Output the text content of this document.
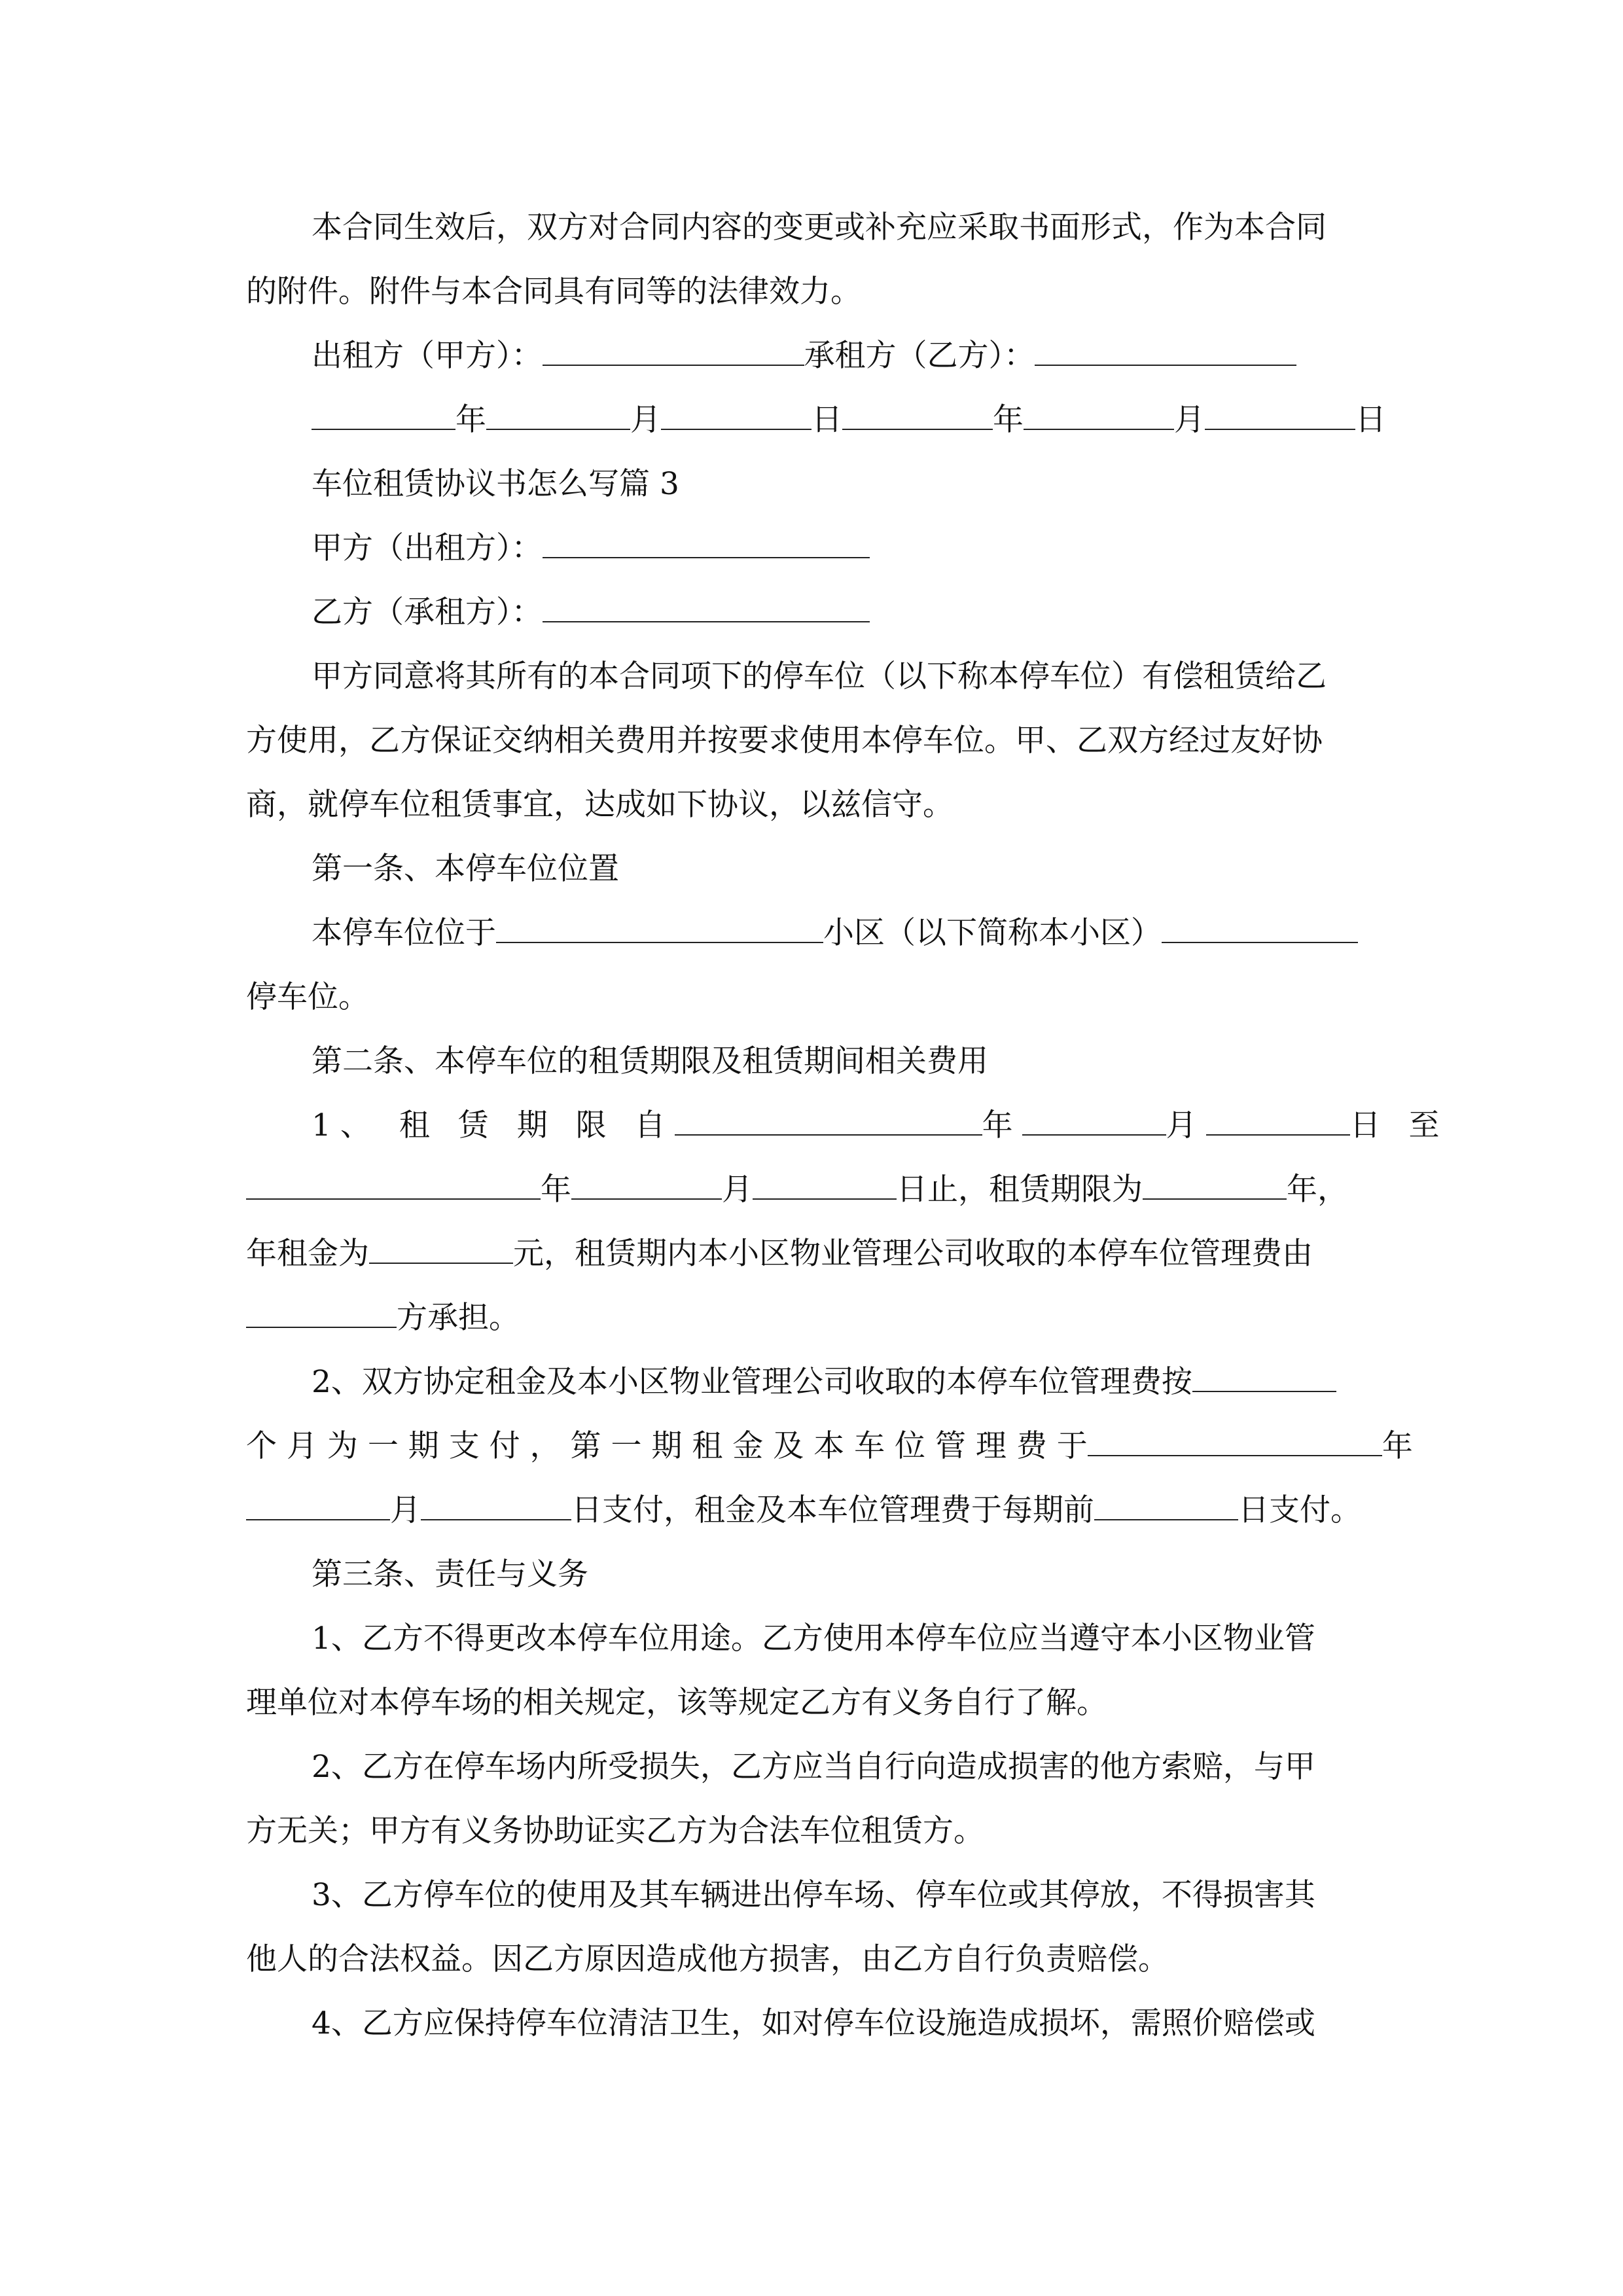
本合同生效后，双方对合同内容的变更或补充应采取书面形式，作为本合同
的附件。附件与本合同具有同等的法律效力。
出租方（甲方）：	承租方（乙方）：
年	月	日	年	月	日
车位租赁协议书怎么写篇 3
甲方（出租方）：
乙方（承租方）：
甲方同意将其所有的本合同项下的停车位（以下称本停车位）有偿租赁给乙
方使用，乙方保证交纳相关费用并按要求使用本停车位。甲、乙双方经过友好协
商，就停车位租赁事宜，达成如下协议，以兹信守。
第一条、本停车位位置
本停车位位于	小区（以下简称本小区）
停车位。
第二条、本停车位的租赁期限及租赁期间相关费用
1、 租 赁 期 限 自	年	月	日 至
年	月	日止，租赁期限为	年，
年租金为	元，租赁期内本小区物业管理公司收取的本停车位管理费由
方承担。
2、双方协定租金及本小区物业管理公司收取的本停车位管理费按
个 月 为 一 期 支 付 ， 第 一 期 租 金 及 本 车 位 管 理 费 于	年
月	日支付，租金及本车位管理费于每期前	日支付。
第三条、责任与义务
1、乙方不得更改本停车位用途。乙方使用本停车位应当遵守本小区物业管
理单位对本停车场的相关规定，该等规定乙方有义务自行了解。
2、乙方在停车场内所受损失，乙方应当自行向造成损害的他方索赔，与甲
方无关；甲方有义务协助证实乙方为合法车位租赁方。
3、乙方停车位的使用及其车辆进出停车场、停车位或其停放，不得损害其
他人的合法权益。因乙方原因造成他方损害，由乙方自行负责赔偿。
4、乙方应保持停车位清洁卫生，如对停车位设施造成损坏，需照价赔偿或
